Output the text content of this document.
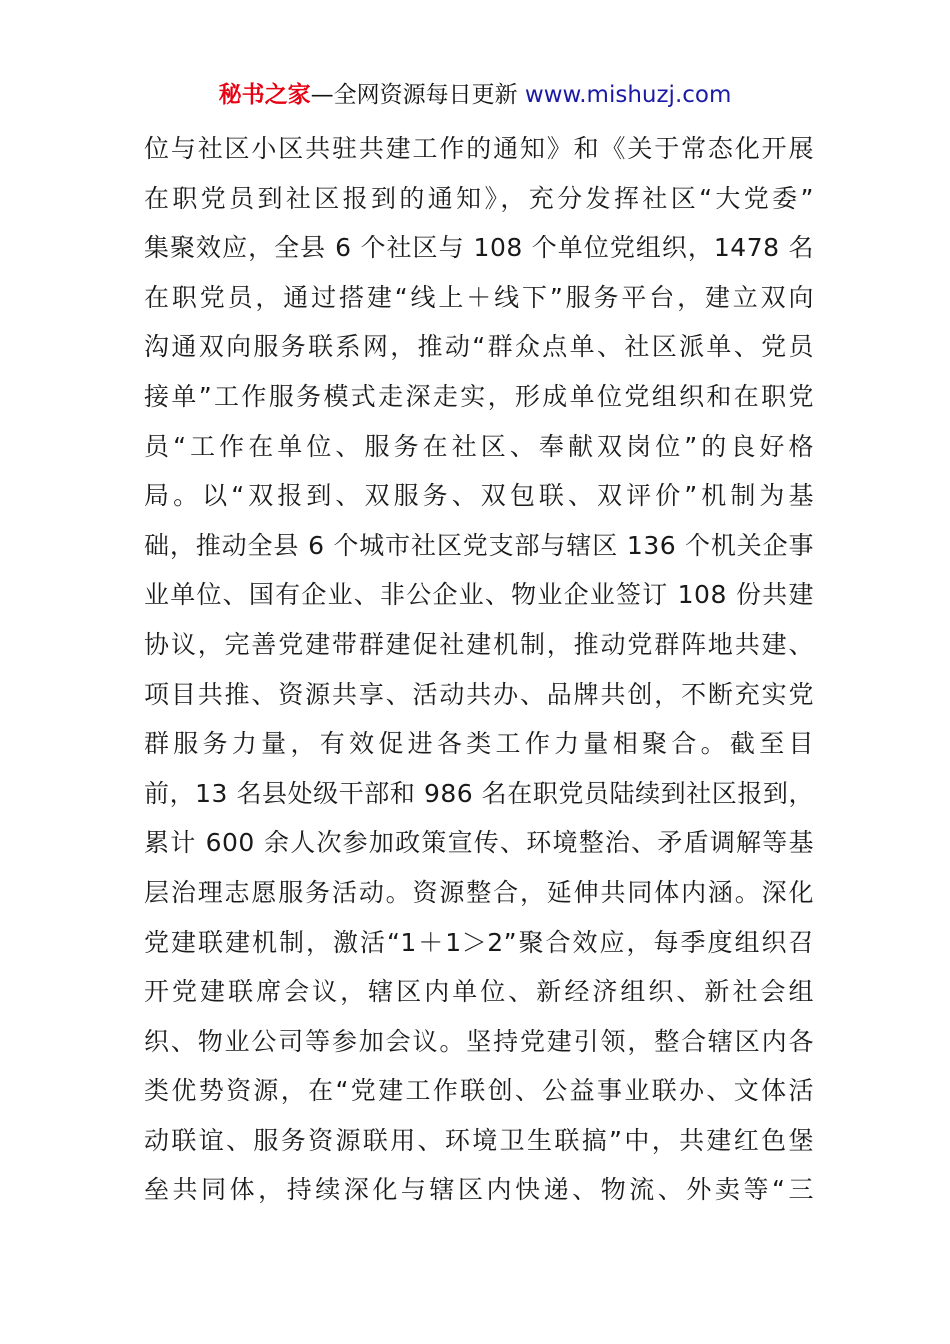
秘书之家—全网资源每日更新 www.mishuzj.com
位与社区小区共驻共建工作的通知》和《关于常态化开展
在职党员到社区报到的通知》，充分发挥社区“大党委”
集聚效应，全县 6 个社区与 108 个单位党组织，1478 名
在职党员，通过搭建“线上＋线下”服务平台，建立双向
沟通双向服务联系网，推动“群众点单、社区派单、党员
接单”工作服务模式走深走实，形成单位党组织和在职党
员“工作在单位、服务在社区、奉献双岗位”的良好格
局。以“双报到、双服务、双包联、双评价”机制为基
础，推动全县 6 个城市社区党支部与辖区 136 个机关企事
业单位、国有企业、非公企业、物业企业签订 108 份共建
协议，完善党建带群建促社建机制，推动党群阵地共建、
项目共推、资源共享、活动共办、品牌共创，不断充实党
群服务力量，有效促进各类工作力量相聚合。截至目
前，13 名县处级干部和 986 名在职党员陆续到社区报到，
累计 600 余人次参加政策宣传、环境整治、矛盾调解等基
层治理志愿服务活动。资源整合，延伸共同体内涵。深化
党建联建机制，激活“1＋1＞2”聚合效应，每季度组织召
开党建联席会议，辖区内单位、新经济组织、新社会组
织、物业公司等参加会议。坚持党建引领，整合辖区内各
类优势资源，在“党建工作联创、公益事业联办、文体活
动联谊、服务资源联用、环境卫生联搞”中，共建红色堡
垒共同体，持续深化与辖区内快递、物流、外卖等“三
